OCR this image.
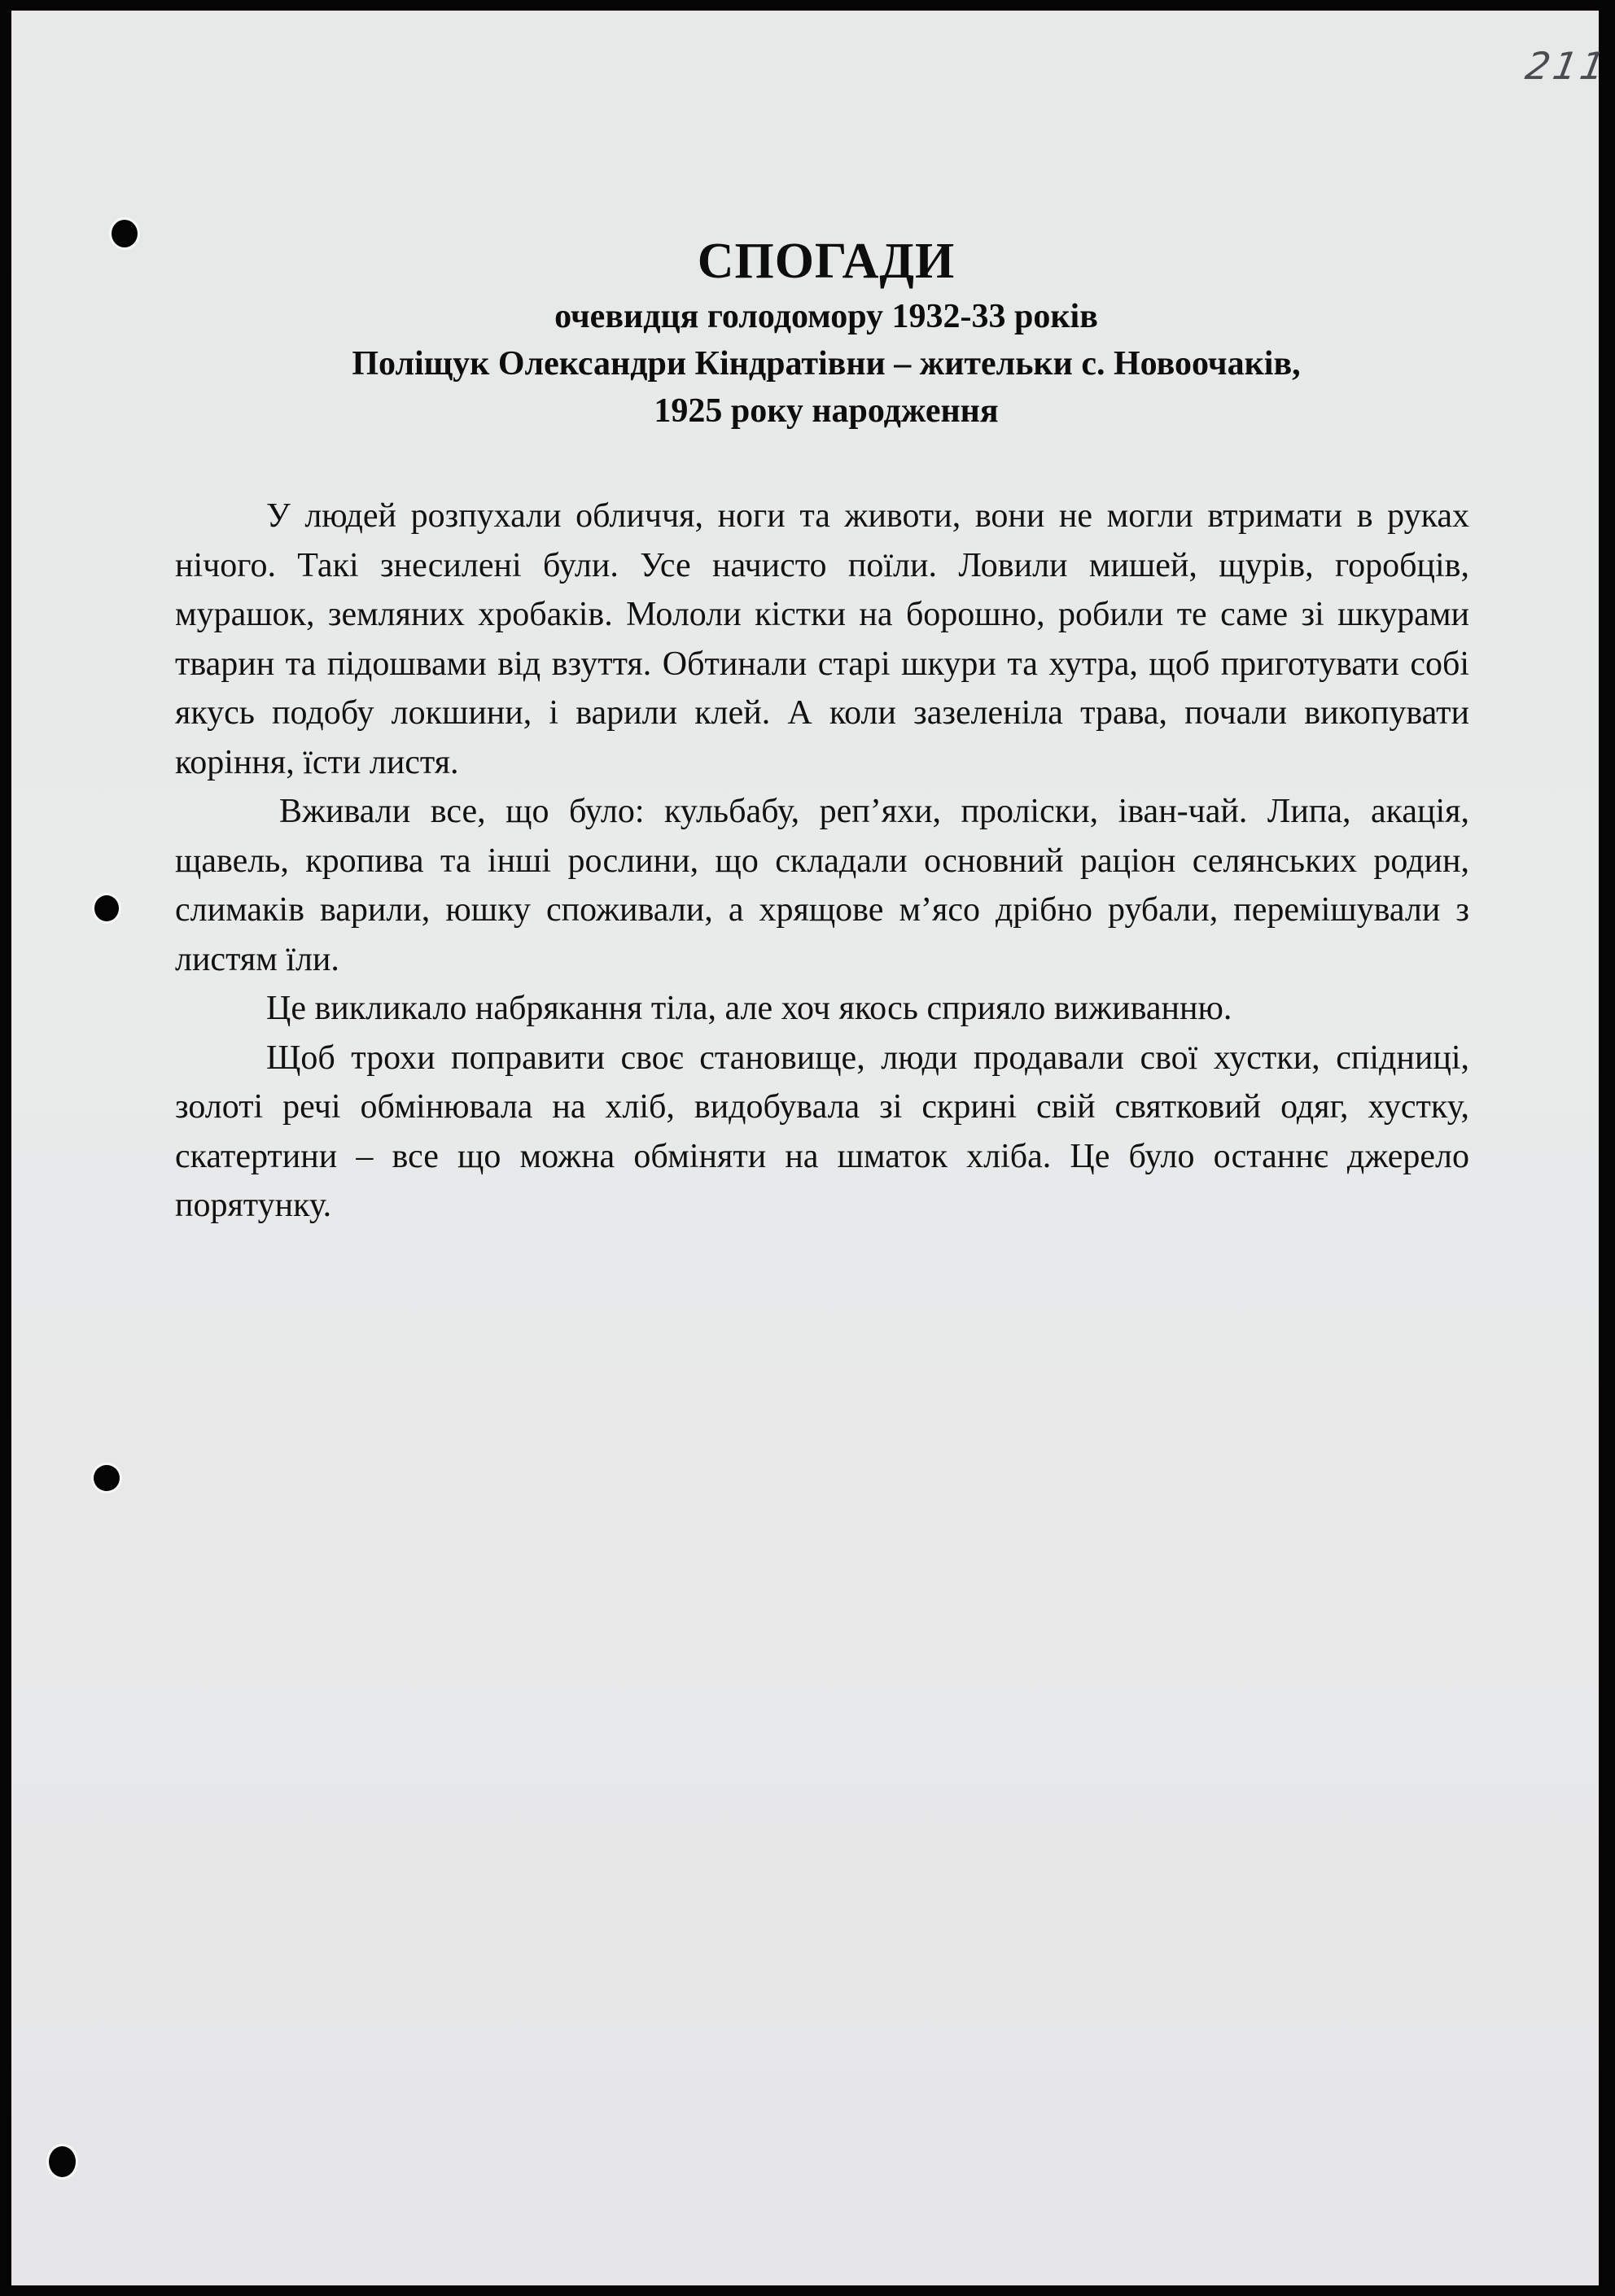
211
СПОГАДИ
очевидця голодомору 1932-33 років
Поліщук Олександри Кіндратівни – жительки с. Новоочаків,
1925 року народження

У людей розпухали обличчя, ноги та животи, вони не могли втримати в руках нічого. Такі знесилені були. Усе начисто поїли. Ловили мишей, щурів, горобців, мурашок, земляних хробаків. Мололи кістки на борошно, робили те саме зі шкурами тварин та підошвами від взуття. Обтинали старі шкури та хутра, щоб приготувати собі якусь подобу локшини, і варили клей. А коли зазеленіла трава, почали викопувати коріння, їсти листя.

Вживали все, що було: кульбабу, реп’яхи, проліски, іван-чай. Липа, акація, щавель, кропива та інші рослини, що складали основний раціон селянських родин, слимаків варили, юшку споживали, а хрящове м’ясо дрібно рубали, перемішували з листям їли.

Це викликало набрякання тіла, але хоч якось сприяло виживанню.

Щоб трохи поправити своє становище, люди продавали свої хустки, спідниці, золоті речі обмінювала на хліб, видобувала зі скрині свій святковий одяг, хустку, скатертини – все що можна обміняти на шматок хліба. Це було останнє джерело порятунку.
